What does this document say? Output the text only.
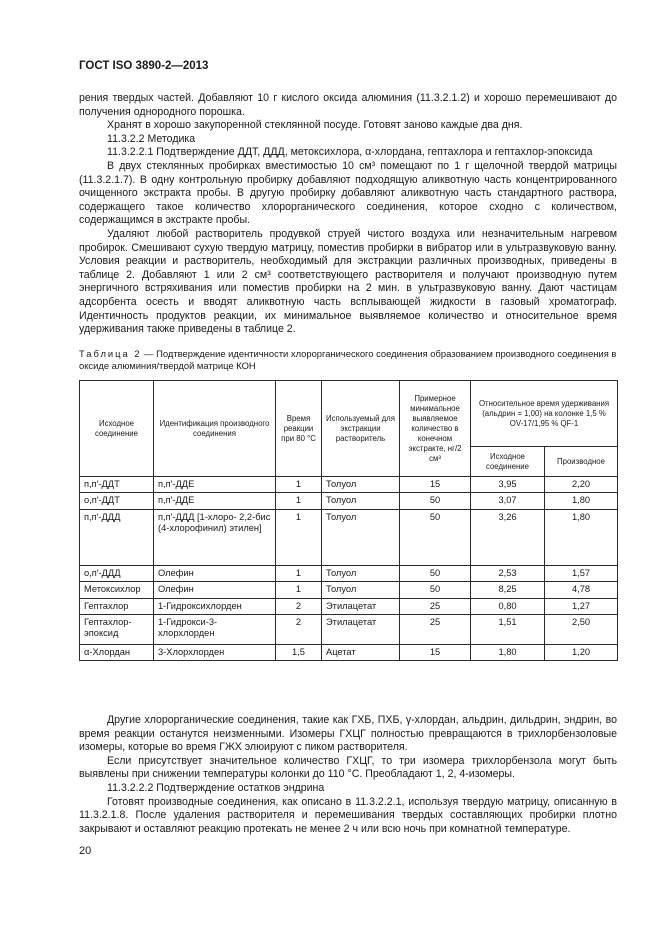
ГОСТ ISO 3890-2—2013

рения твердых частей. Добавляют 10 г кислого оксида алюминия (11.3.2.1.2) и хорошо перемешивают до получения однородного порошка.

Хранят в хорошо закупоренной стеклянной посуде. Готовят заново каждые два дня.

11.3.2.2 Методика

11.3.2.2.1 Подтверждение ДДТ, ДДД, метоксихлора, α-хлордана, гептахлора и гептахлор-эпоксида

В двух стеклянных пробирках вместимостью 10 см³ помещают по 1 г щелочной твердой матрицы (11.3.2.1.7). В одну контрольную пробирку добавляют подходящую аликвотную часть концентрированного очищенного экстракта пробы. В другую пробирку добавляют аликвотную часть стандартного раствора, содержащего такое количество хлорорганического соединения, которое сходно с количеством, содержащимся в экстракте пробы.

Удаляют любой растворитель продувкой струей чистого воздуха или незначительным нагревом пробирок. Смешивают сухую твердую матрицу, поместив пробирки в вибратор или в ультразвуковую ванну. Условия реакции и растворитель, необходимый для экстракции различных производных, приведены в таблице 2. Добавляют 1 или 2 см³ соответствующего растворителя и получают производную путем энергичного встряхивания или поместив пробирки на 2 мин. в ультразвуковую ванну. Дают частицам адсорбента осесть и вводят аликвотную часть всплывающей жидкости в газовый хроматограф. Идентичность продуктов реакции, их минимальное выявляемое количество и относительное время удерживания также приведены в таблице 2.

Таблица 2 — Подтверждение идентичности хлорорганического соединения образованием производного соединения в оксиде алюминия/твердой матрице КОН
Исходное соединение	Идентификация производного соединения	Время реакции при 80 °С	Используемый для экстракции растворитель	Примерное минимальное выявляемое количество в конечном экстракте, нг/2 см³	Относительное время удерживания (альдрин = 1,00) на колонке 1,5 % OV-17/1,95 % QF-1	
					Исходное соединение	Производное
п,п′-ДДТ	п,п′-ДДЕ	1	Толуол	15	3,95	2,20
о,п′-ДДТ	п,п′-ДДЕ	1	Толуол	50	3,07	1,80
п,п′-ДДД	п,п′-ДДД [1-хлоро- 2,2-бис (4-хлорофинил) этилен]	1	Толуол	50	3,26	1,80
о,п′-ДДД	Олефин	1	Толуол	50	2,53	1,57
Метоксихлор	Олефин	1	Толуол	50	8,25	4,78
Гептахлор	1-Гидроксихлорден	2	Этилацетат	25	0,80	1,27
Гептахлор-эпоксид	1-Гидрокси-3-хлорхлорден	2	Этилацетат	25	1,51	2,50
α-Хлордан	3-Хлорхлорден	1,5	Ацетат	15	1,80	1,20

Другие хлорорганические соединения, такие как ГХБ, ПХБ, γ-хлордан, альдрин, дильдрин, эндрин, во время реакции останутся неизменными. Изомеры ГХЦГ полностью превращаются в трихлорбензоловые изомеры, которые во время ГЖХ элюируют с пиком растворителя.

Если присутствует значительное количество ГХЦГ, то три изомера трихлорбензола могут быть выявлены при снижении температуры колонки до 110 °С. Преобладают 1, 2, 4-изомеры.

11.3.2.2.2 Подтверждение остатков эндрина

Готовят производные соединения, как описано в 11.3.2.2.1, используя твердую матрицу, описанную в 11.3.2.1.8. После удаления растворителя и перемешивания твердых составляющих пробирки плотно закрывают и оставляют реакцию протекать не менее 2 ч или всю ночь при комнатной температуре.

20
